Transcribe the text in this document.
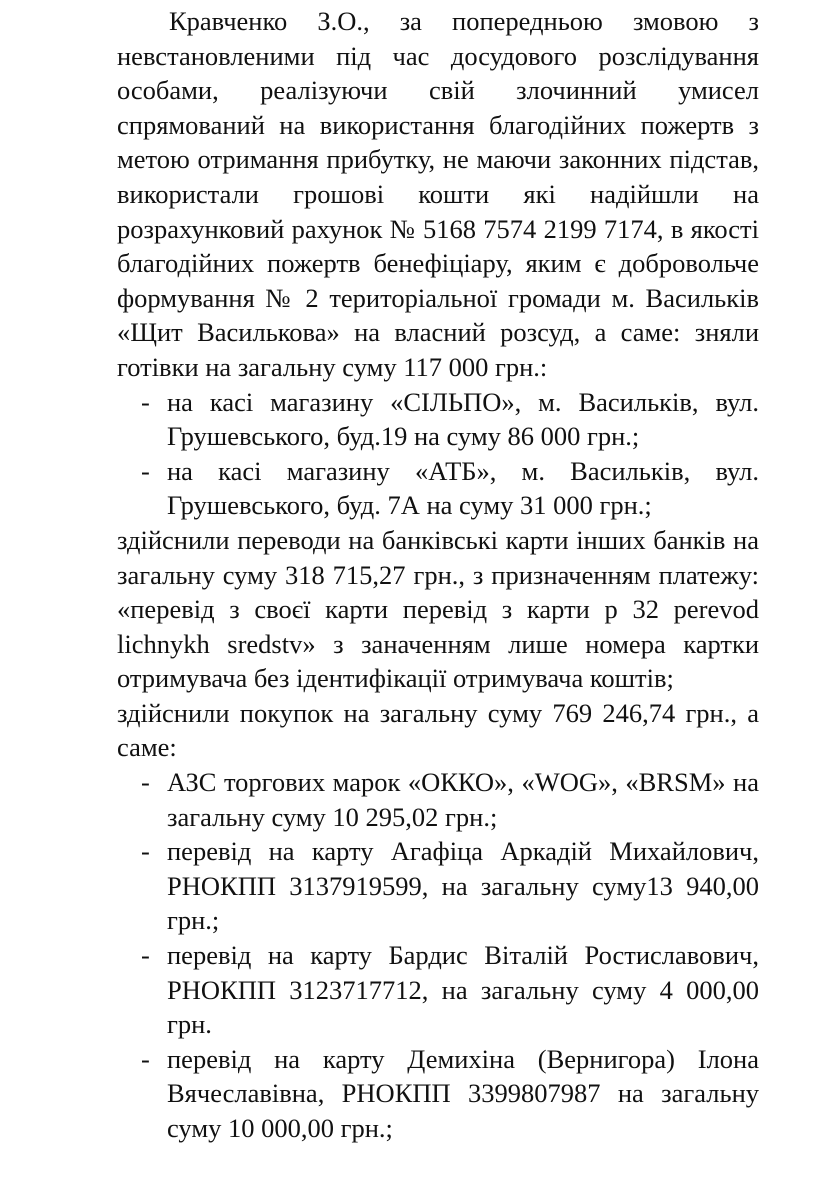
Кравченко З.О., за попередньою змовою з невстановленими під час досудового розслідування особами, реалізуючи свій злочинний умисел спрямований на використання благодійних пожертв з метою отримання прибутку, не маючи законних підстав, використали грошові кошти які надійшли на розрахунковий рахунок № 5168 7574 2199 7174, в якості благодійних пожертв бенефіціару, яким є добровольче формування № 2 територіальної громади м. Васильків «Щит Василькова» на власний розсуд, а саме: зняли готівки на загальну суму 117 000 грн.:

- на касі магазину «СІЛЬПО», м. Васильків, вул. Грушевського, буд.19 на суму 86 000 грн.;
- на касі магазину «АТБ», м. Васильків, вул. Грушевського, буд. 7А на суму 31 000 грн.;

здійснили переводи на банківські карти інших банків на загальну суму 318 715,27 грн., з призначенням платежу: «перевід з своєї карти перевід з карти р 32 perevod lichnykh sredstv» з заначенням лише номера картки отримувача без ідентифікації отримувача коштів;

здійснили покупок на загальну суму 769 246,74 грн., а саме:

- АЗС торгових марок «ОККО», «WOG», «BRSM» на загальну суму 10 295,02 грн.;
- перевід на карту Агафіца Аркадій Михайлович, РНОКПП 3137919599, на загальну суму13 940,00 грн.;
- перевід на карту Бардис Віталій Ростиславович, РНОКПП 3123717712, на загальну суму 4 000,00 грн.
- перевід на карту Демихіна (Вернигора) Ілона Вячеславівна, РНОКПП 3399807987 на загальну суму 10 000,00 грн.;
